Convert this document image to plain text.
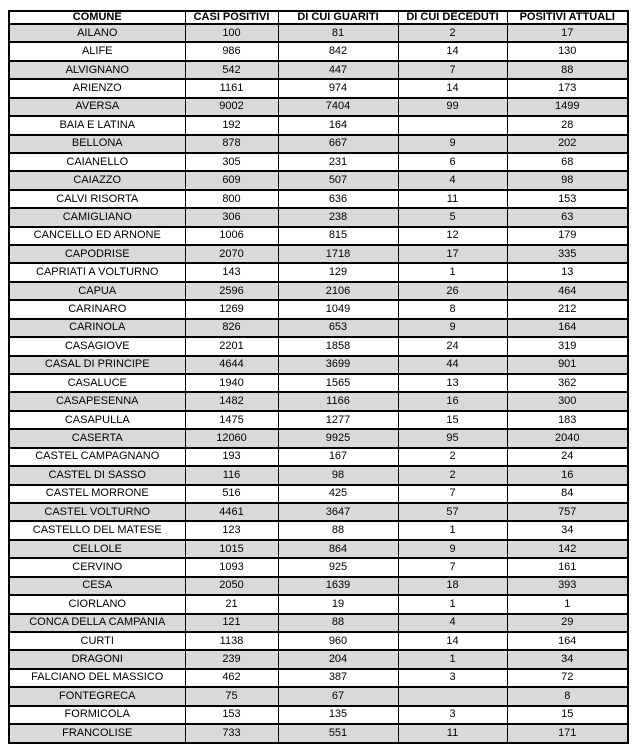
COMUNE	CASI POSITIVI	DI CUI GUARITI	DI CUI DECEDUTI	POSITIVI ATTUALI
AILANO	100	81	2	17
ALIFE	986	842	14	130
ALVIGNANO	542	447	7	88
ARIENZO	1161	974	14	173
AVERSA	9002	7404	99	1499
BAIA E LATINA	192	164		28
BELLONA	878	667	9	202
CAIANELLO	305	231	6	68
CAIAZZO	609	507	4	98
CALVI RISORTA	800	636	11	153
CAMIGLIANO	306	238	5	63
CANCELLO ED ARNONE	1006	815	12	179
CAPODRISE	2070	1718	17	335
CAPRIATI A VOLTURNO	143	129	1	13
CAPUA	2596	2106	26	464
CARINARO	1269	1049	8	212
CARINOLA	826	653	9	164
CASAGIOVE	2201	1858	24	319
CASAL DI PRINCIPE	4644	3699	44	901
CASALUCE	1940	1565	13	362
CASAPESENNA	1482	1166	16	300
CASAPULLA	1475	1277	15	183
CASERTA	12060	9925	95	2040
CASTEL CAMPAGNANO	193	167	2	24
CASTEL DI SASSO	116	98	2	16
CASTEL MORRONE	516	425	7	84
CASTEL VOLTURNO	4461	3647	57	757
CASTELLO DEL MATESE	123	88	1	34
CELLOLE	1015	864	9	142
CERVINO	1093	925	7	161
CESA	2050	1639	18	393
CIORLANO	21	19	1	1
CONCA DELLA CAMPANIA	121	88	4	29
CURTI	1138	960	14	164
DRAGONI	239	204	1	34
FALCIANO DEL MASSICO	462	387	3	72
FONTEGRECA	75	67		8
FORMICOLA	153	135	3	15
FRANCOLISE	733	551	11	171
